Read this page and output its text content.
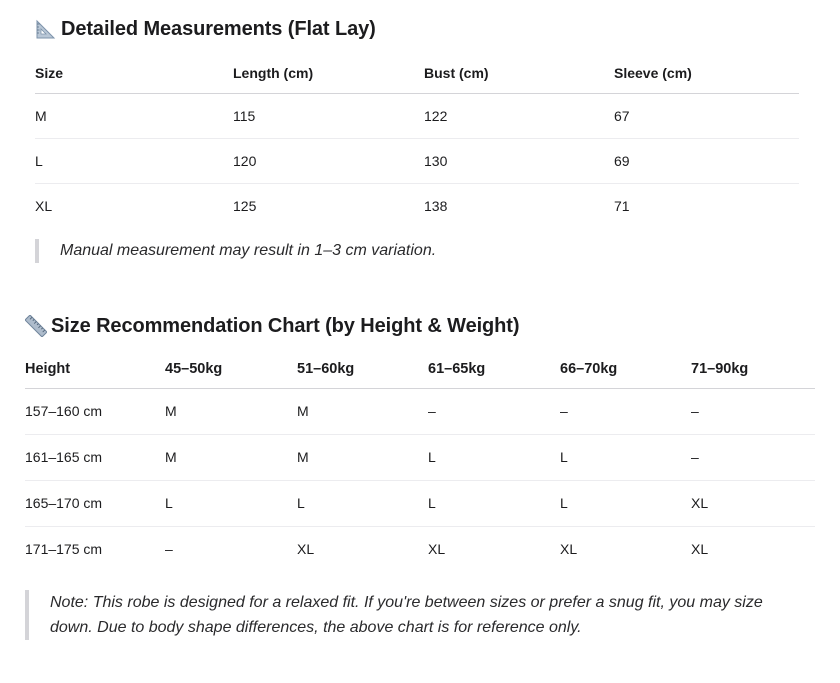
Detailed Measurements (Flat Lay)
Size	Length (cm)	Bust (cm)	Sleeve (cm)
M	115	122	67
L	120	130	69
XL	125	138	71
Manual measurement may result in 1–3 cm variation.
Size Recommendation Chart (by Height & Weight)
Height	45–50kg	51–60kg	61–65kg	66–70kg	71–90kg
157–160 cm	M	M	–	–	–
161–165 cm	M	M	L	L	–
165–170 cm	L	L	L	L	XL
171–175 cm	–	XL	XL	XL	XL
Note: This robe is designed for a relaxed fit. If you're between sizes or prefer a snug fit, you may size down. Due to body shape differences, the above chart is for reference only.
